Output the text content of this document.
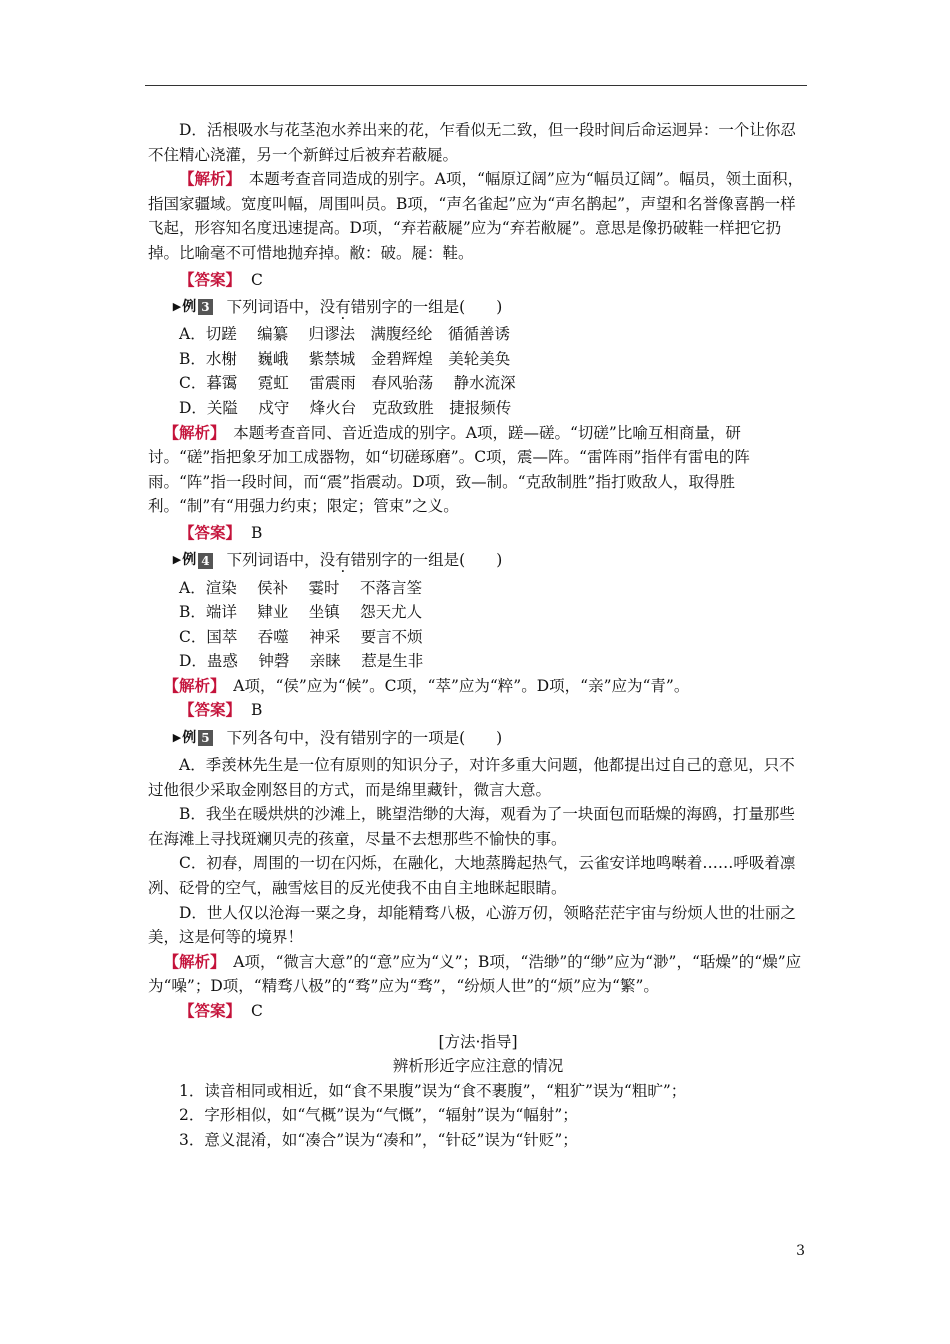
D．活根吸水与花茎泡水养出来的花，乍看似无二致，但一段时间后命运迥异：一个让你忍不住精心浇灌，另一个新鲜过后被弃若蔽屣。

【解析】　 本题考查音同造成的别字。A项，“幅原辽阔”应为“幅员辽阔”。幅员，领土面积，指国家疆域。宽度叫幅，周围叫员。B项，“声名雀起”应为“声名鹊起”，声望和名誉像喜鹊一样飞起，形容知名度迅速提高。D项，“弃若蔽屣”应为“弃若敝屣”。意思是像扔破鞋一样把它扔掉。比喻毫不可惜地抛弃掉。敝：破。屣：鞋。

【答案】 C

▶ 例 3 下列词语中，没 有 · 错别字的一组是(　　)

A．切蹉　 编纂　 归谬法　满腹经纶　循循善诱

B．水榭　 巍峨　 紫禁城　金碧辉煌　美轮美奂

C．暮霭　 霓虹　 雷震雨　春风骀荡　 静水流深

D．关隘　 戍守　 烽火台　克敌致胜　捷报频传

【解析】　 本题考查音同、音近造成的别字。A项，蹉—磋。“切磋”比喻互相商量，研讨。“磋”指把象牙加工成器物，如“切磋琢磨”。C项，震—阵。“雷阵雨”指伴有雷电的阵雨。“阵”指一段时间，而“震”指震动。D项，致—制。“克敌制胜”指打败敌人，取得胜利。“制”有“用强力约束；限定；管束”之义。

【答案】 B

▶ 例 4 下列词语中，没 有 · 错别字的一组是(　　)

A．渲染　 侯补　 霎时　 不落言筌

B．端详　 肄业　 坐镇　 怨天尤人

C．国萃　 吞噬　 神采　 要言不烦

D．蛊惑　 钟磬　 亲睐　 惹是生非

【解析】　 A项，“侯”应为“候”。C项，“萃”应为“粹”。D项，“亲”应为“青”。

【答案】 B

▶ 例 5 下列各句中，没有错别字的一项是(　　)

A．季羡林先生是一位有原则的知识分子，对许多重大问题，他都提出过自己的意见，只不过他很少采取金刚怒目的方式，而是绵里藏针，微言大意。

B．我坐在暖烘烘的沙滩上，眺望浩缈的大海，观看为了一块面包而聒燥的海鸥，打量那些在海滩上寻找斑斓贝壳的孩童，尽量不去想那些不愉快的事。

C．初春，周围的一切在闪烁，在融化，大地蒸腾起热气，云雀安详地鸣啭着……呼吸着凛冽、砭骨的空气，融雪炫目的反光使我不由自主地眯起眼睛。

D．世人仅以沧海一粟之身，却能精骛八极，心游万仞，领略茫茫宇宙与纷烦人世的壮丽之美，这是何等的境界！

【解析】　 A项，“微言大意”的“意”应为“义”；B项，“浩缈”的“缈”应为“渺”，“聒燥”的“燥”应为“噪”；D项，“精骛八极”的“骛”应为“骛”，“纷烦人世”的“烦”应为“繁”。

【答案】 C

[方法·指导]

辨析形近字应注意的情况

1．读音相同或相近，如“食不果腹”误为“食不裹腹”，“粗犷”误为“粗旷”；

2．字形相似，如“气概”误为“气慨”，“辐射”误为“幅射”；

3．意义混淆，如“凑合”误为“凑和”，“针砭”误为“针贬”；

3
